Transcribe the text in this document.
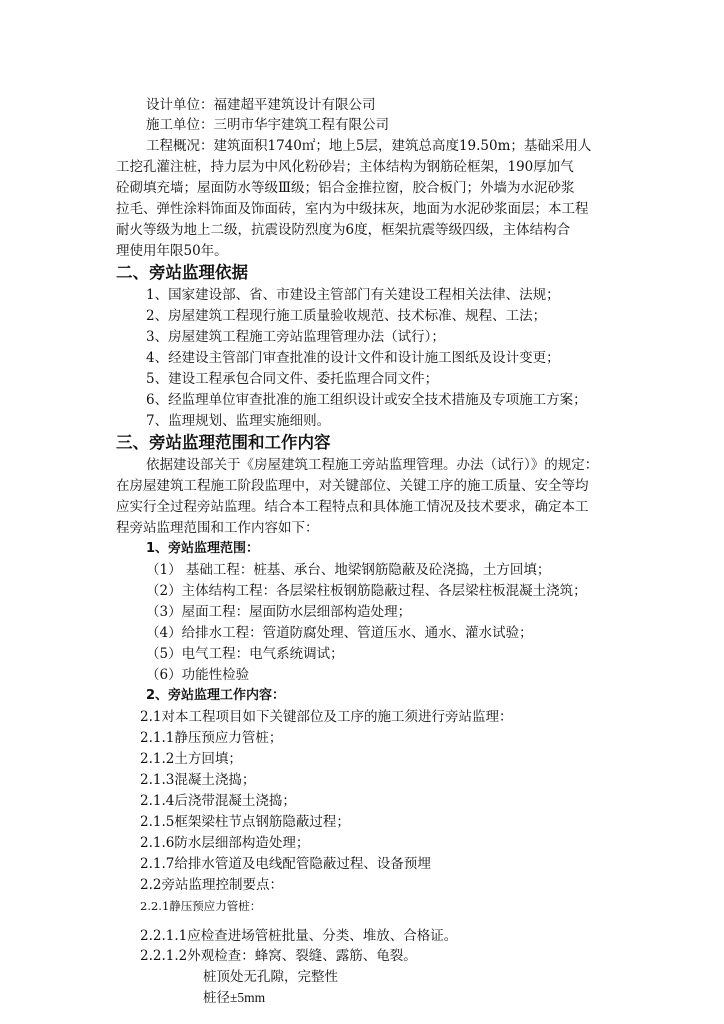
设计单位：福建超平建筑设计有限公司
施工单位：三明市华宇建筑工程有限公司
工程概况：建筑面积1740㎡；地上5层，建筑总高度19.50m；基础采用人
工挖孔灌注桩，持力层为中风化粉砂岩；主体结构为钢筋砼框架，190厚加气
砼砌填充墙；屋面防水等级Ⅲ级；铝合金推拉窗，胶合板门；外墙为水泥砂浆
拉毛、弹性涂料饰面及饰面砖，室内为中级抹灰，地面为水泥砂浆面层；本工程
耐火等级为地上二级，抗震设防烈度为6度，框架抗震等级四级，主体结构合
理使用年限50年。
二、旁站监理依据
1、国家建设部、省、市建设主管部门有关建设工程相关法律、法规；
2、房屋建筑工程现行施工质量验收规范、技术标准、规程、工法；
3、房屋建筑工程施工旁站监理管理办法（试行）；
4、经建设主管部门审查批准的设计文件和设计施工图纸及设计变更；
5、建设工程承包合同文件、委托监理合同文件；
6、经监理单位审查批准的施工组织设计或安全技术措施及专项施工方案；
7、监理规划、监理实施细则。
三、旁站监理范围和工作内容
依据建设部关于《房屋建筑工程施工旁站监理管理。办法（试行）》的规定：
在房屋建筑工程施工阶段监理中，对关键部位、关键工序的施工质量、安全等均
应实行全过程旁站监理。结合本工程特点和具体施工情况及技术要求，确定本工
程旁站监理范围和工作内容如下：
1、旁站监理范围：
（1） 基础工程：桩基、承台、地梁钢筋隐蔽及砼浇捣，土方回填；
（2）主体结构工程：各层梁柱板钢筋隐蔽过程、各层梁柱板混凝土浇筑；
（3）屋面工程：屋面防水层细部构造处理；
（4）给排水工程：管道防腐处理、管道压水、通水、灌水试验；
（5）电气工程：电气系统调试；
（6）功能性检验
2、旁站监理工作内容：
2.1对本工程项目如下关键部位及工序的施工须进行旁站监理：
2.1.1静压预应力管桩；
2.1.2土方回填；
2.1.3混凝土浇捣；
2.1.4后浇带混凝土浇捣；
2.1.5框架梁柱节点钢筋隐蔽过程；
2.1.6防水层细部构造处理；
2.1.7给排水管道及电线配管隐蔽过程、设备预埋
2.2旁站监理控制要点：
2.2.1静压预应力管桩：
2.2.1.1应检查进场管桩批量、分类、堆放、合格证。
2.2.1.2外观检查：蜂窝、裂缝、露筋、龟裂。
桩顶处无孔隙，完整性
桩径±5mm
